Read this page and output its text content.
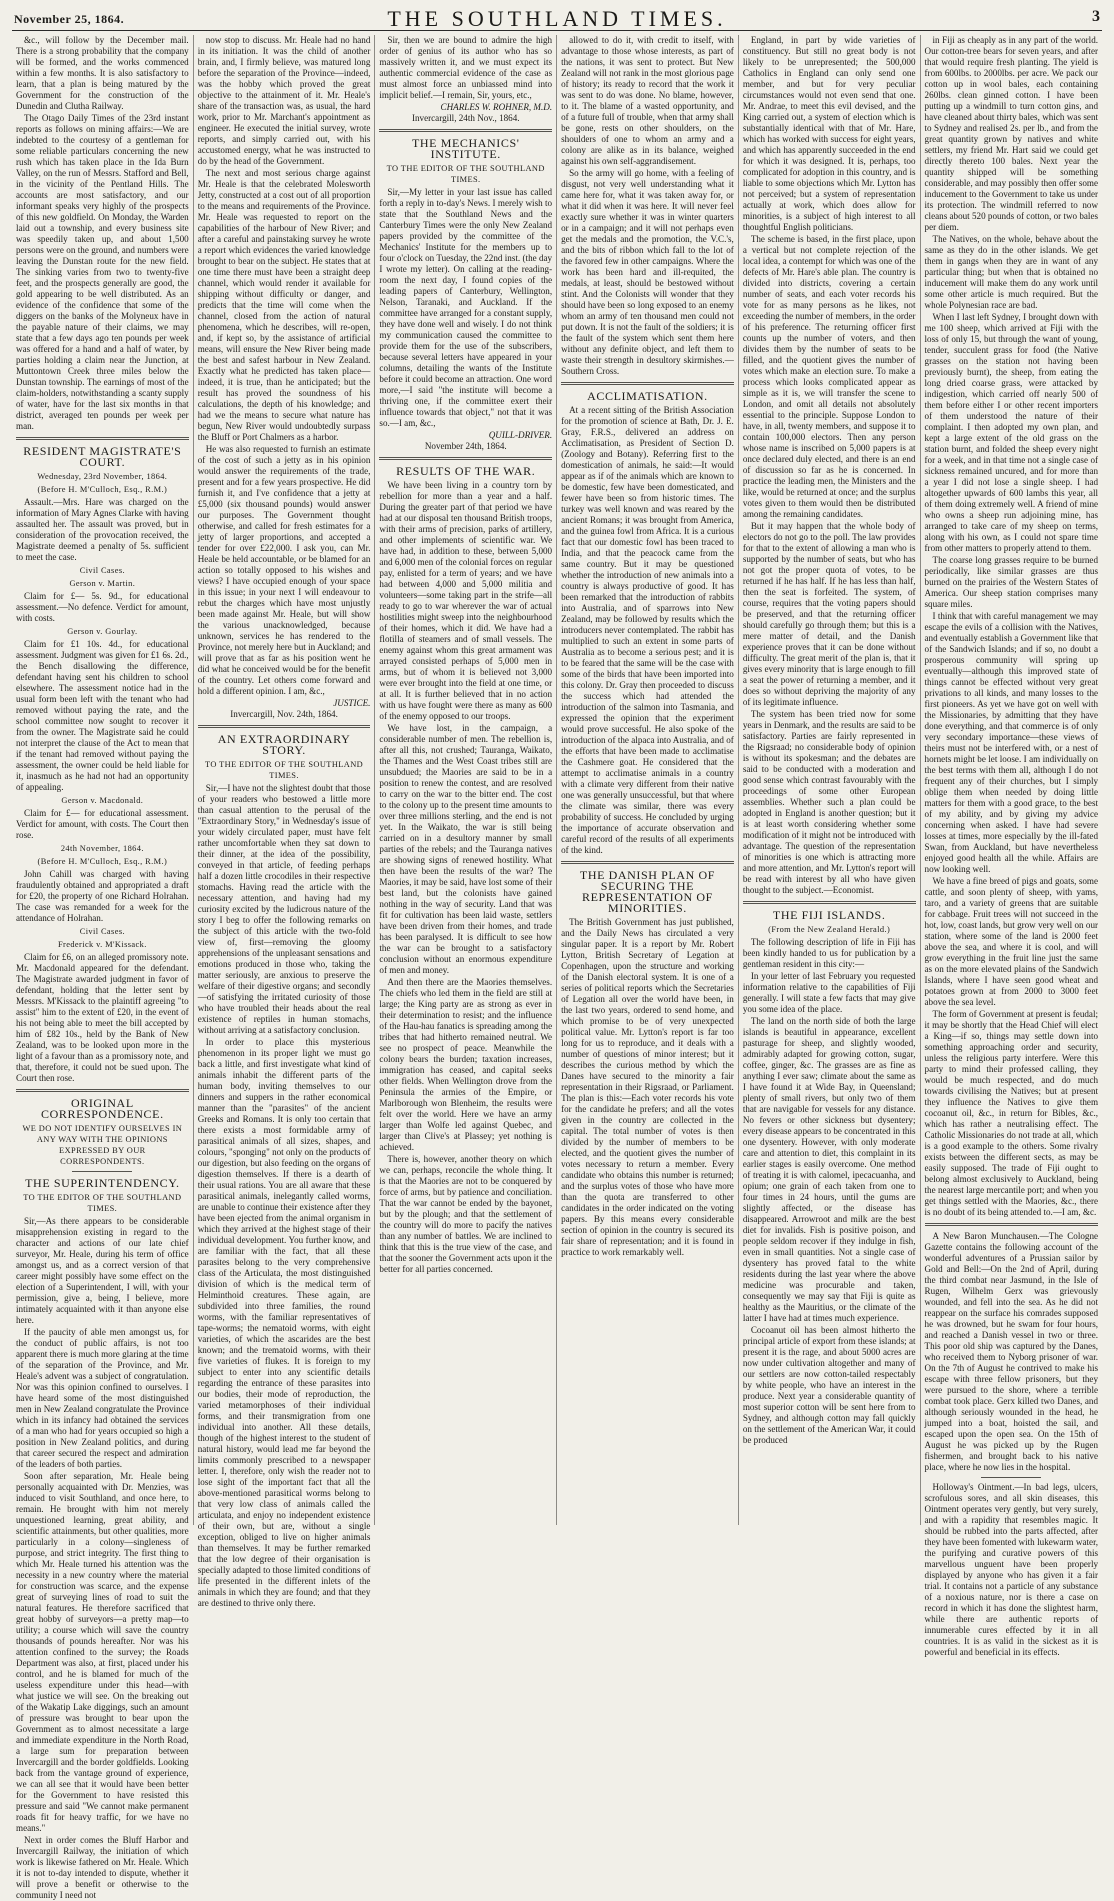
November 25, 1864.	THE SOUTHLAND TIMES.	3

&c., will follow by the December mail. There is a strong probability that the company will be formed, and the works commenced within a few months. It is also satisfactory to learn, that a plan is being matured by the Government for the construction of the Dunedin and Clutha Railway.

The Otago Daily Times of the 23rd instant reports as follows on mining affairs:—We are indebted to the courtesy of a gentleman for some reliable particulars concerning the new rush which has taken place in the Ida Burn Valley, on the run of Messrs. Stafford and Bell, in the vicinity of the Pentland Hills. The accounts are most satisfactory, and our informant speaks very highly of the prospects of this new goldfield. On Monday, the Warden laid out a township, and every business site was speedily taken up, and about 1,500 persons were on the ground, and numbers were leaving the Dunstan route for the new field. The sinking varies from two to twenty-five feet, and the prospects generally are good, the gold appearing to be well distributed. As an evidence of the confidence that some of the diggers on the banks of the Molyneux have in the payable nature of their claims, we may state that a few days ago ten pounds per week was offered for a hand and a half of water, by parties holding a claim near the Junction, at Muttontown Creek three miles below the Dunstan township. The earnings of most of the claim-holders, notwithstanding a scanty supply of water, have for the last six months in that district, averaged ten pounds per week per man.

RESIDENT MAGISTRATE'S COURT.
Wednesday, 23rd November, 1864.
(Before H. M'Culloch, Esq., R.M.)

Assault.—Mrs. Hare was charged on the information of Mary Agnes Clarke with having assaulted her. The assault was proved, but in consideration of the provocation received, the Magistrate deemed a penalty of 5s. sufficient to meet the case.

Civil Cases.
Gerson v. Martin.

Claim for £— 5s. 9d., for educational assessment.—No defence. Verdict for amount, with costs.

Gerson v. Gourlay.

Claim for £1 10s. 4d., for educational assessment. Judgment was given for £1 6s. 2d., the Bench disallowing the difference, defendant having sent his children to school elsewhere. The assessment notice had in the usual form been left with the tenant who had removed without paying the rate, and the school committee now sought to recover it from the owner. The Magistrate said he could not interpret the clause of the Act to mean that if the tenant had removed without paying the assessment, the owner could be held liable for it, inasmuch as he had not had an opportunity of appealing.

Gerson v. Macdonald.

Claim for £— for educational assessment. Verdict for amount, with costs. The Court then rose.

24th November, 1864.
(Before H. M'Culloch, Esq., R.M.)

John Cahill was charged with having fraudulently obtained and appropriated a draft for £20, the property of one Richard Holrahan. The case was remanded for a week for the attendance of Holrahan.

Civil Cases.
Frederick v. M'Kissack.

Claim for £6, on an alleged promissory note. Mr. Macdonald appeared for the defendant. The Magistrate awarded judgment in favor of defendant, holding that the letter sent by Messrs. M'Kissack to the plaintiff agreeing "to assist" him to the extent of £20, in the event of his not being able to meet the bill accepted by him of £82 10s., held by the Bank of New Zealand, was to be looked upon more in the light of a favour than as a promissory note, and that, therefore, it could not be sued upon. The Court then rose.

ORIGINAL CORRESPONDENCE.
WE DO NOT IDENTIFY OURSELVES IN ANY WAY WITH THE OPINIONS EXPRESSED BY OUR CORRESPONDENTS.
THE SUPERINTENDENCY.
TO THE EDITOR OF THE SOUTHLAND TIMES.

Sir,—As there appears to be considerable misapprehension existing in regard to the character and actions of our late chief surveyor, Mr. Heale, during his term of office amongst us, and as a correct version of that career might possibly have some effect on the election of a Superintendent, I will, with your permission, give a, being, I believe, more intimately acquainted with it than anyone else here.

If the paucity of able men amongst us, for the conduct of public affairs, is not too apparent there is much more glaring at the time of the separation of the Province, and Mr. Heale's advent was a subject of congratulation. Nor was this opinion confined to ourselves. I have heard some of the most distinguished men in New Zealand congratulate the Province which in its infancy had obtained the services of a man who had for years occupied so high a position in New Zealand politics, and during that career secured the respect and admiration of the leaders of both parties.

Soon after separation, Mr. Heale being personally acquainted with Dr. Menzies, was induced to visit Southland, and once here, to remain. He brought with him not merely unquestioned learning, great ability, and scientific attainments, but other qualities, more particularly in a colony—singleness of purpose, and strict integrity. The first thing to which Mr. Heale turned his attention was the necessity in a new country where the material for construction was scarce, and the expense great of surveying lines of road to suit the natural features. He therefore sacrificed that great hobby of surveyors—a pretty map—to utility; a course which will save the country thousands of pounds hereafter. Nor was his attention confined to the survey; the Roads Department was also, at first, placed under his control, and he is blamed for much of the useless expenditure under this head—with what justice we will see. On the breaking out of the Wakatip Lake diggings, such an amount of pressure was brought to bear upon the Government as to almost necessitate a large and immediate expenditure in the North Road, a large sum for preparation between Invercargill and the border goldfields. Looking back from the vantage ground of experience, we can all see that it would have been better for the Government to have resisted this pressure and said "We cannot make permanent roads fit for heavy traffic, for we have no means."

Next in order comes the Bluff Harbor and Invercargill Railway, the initiation of which work is likewise fathered on Mr. Heale. Which it is not to-day intended to dispute, whether it will prove a benefit or otherwise to the community I need not

now stop to discuss. Mr. Heale had no hand in its initiation. It was the child of another brain, and, I firmly believe, was matured long before the separation of the Province—indeed, was the hobby which proved the great objective to the attainment of it. Mr. Heale's share of the transaction was, as usual, the hard work, prior to Mr. Marchant's appointment as engineer. He executed the initial survey, wrote reports, and simply carried out, with his accustomed energy, what he was instructed to do by the head of the Government.

The next and most serious charge against Mr. Heale is that the celebrated Molesworth Jetty, constructed at a cost out of all proportion to the means and requirements of the Province. Mr. Heale was requested to report on the capabilities of the harbour of New River; and after a careful and painstaking survey he wrote a report which evidences the varied knowledge brought to bear on the subject. He states that at one time there must have been a straight deep channel, which would render it available for shipping without difficulty or danger, and predicts that the time will come when the channel, closed from the action of natural phenomena, which he describes, will re-open, and, if kept so, by the assistance of artificial means, will ensure the New River being made the best and safest harbour in New Zealand. Exactly what he predicted has taken place—indeed, it is true, than he anticipated; but the result has proved the soundness of his calculations, the depth of his knowledge; and had we the means to secure what nature has begun, New River would undoubtedly surpass the Bluff or Port Chalmers as a harbor.

He was also requested to furnish an estimate of the cost of such a jetty as in his opinion would answer the requirements of the trade, present and for a few years prospective. He did furnish it, and I've confidence that a jetty at £5,000 (six thousand pounds) would answer our purposes. The Government thought otherwise, and called for fresh estimates for a jetty of larger proportions, and accepted a tender for over £22,000. I ask you, can Mr. Heale be held accountable, or be blamed for an action so totally opposed to his wishes and views? I have occupied enough of your space in this issue; in your next I will endeavour to rebut the charges which have most unjustly been made against Mr. Heale, but will show the various unacknowledged, because unknown, services he has rendered to the Province, not merely here but in Auckland; and will prove that as far as his position went he did what he conceived would be for the benefit of the country. Let others come forward and hold a different opinion. I am, &c.,

JUSTICE.
Invercargill, Nov. 24th, 1864.
AN EXTRAORDINARY STORY.
TO THE EDITOR OF THE SOUTHLAND TIMES.

Sir,—I have not the slightest doubt that those of your readers who bestowed a little more than casual attention to the perusal of the "Extraordinary Story," in Wednesday's issue of your widely circulated paper, must have felt rather uncomfortable when they sat down to their dinner, at the idea of the possibility, conveyed in that article, of feeding perhaps half a dozen little crocodiles in their respective stomachs. Having read the article with the necessary attention, and having had my curiosity excited by the ludicrous nature of the story I beg to offer the following remarks on the subject of this article with the two-fold view of, first—removing the gloomy apprehensions of the unpleasant sensations and emotions produced in those who, taking the matter seriously, are anxious to preserve the welfare of their digestive organs; and secondly—of satisfying the irritated curiosity of those who have troubled their heads about the real existence of reptiles in human stomachs, without arriving at a satisfactory conclusion.

In order to place this mysterious phenomenon in its proper light we must go back a little, and first investigate what kind of animals inhabit the different parts of the human body, inviting themselves to our dinners and suppers in the rather economical manner than the "parasites" of the ancient Greeks and Romans. It is only too certain that there exists a most formidable army of parasitical animals of all sizes, shapes, and colours, "sponging" not only on the products of our digestion, but also feeding on the organs of digestion themselves. If there is a dearth of their usual rations. You are all aware that these parasitical animals, inelegantly called worms, are unable to continue their existence after they have been ejected from the animal organism in which they arrived at the highest stage of their individual development. You further know, and are familiar with the fact, that all these parasites belong to the very comprehensive class of the Articulata, the most distinguished division of which is the medical term of Helminthoid creatures. These again, are subdivided into three families, the round worms, with the familiar representatives of tape-worms; the nematoid worms, with eight varieties, of which the ascarides are the best known; and the trematoid worms, with their five varieties of flukes. It is foreign to my subject to enter into any scientific details regarding the entrance of these parasites into our bodies, their mode of reproduction, the varied metamorphoses of their individual forms, and their transmigration from one individual into another. All these details, though of the highest interest to the student of natural history, would lead me far beyond the limits commonly prescribed to a newspaper letter. I, therefore, only wish the reader not to lose sight of the important fact that all the above-mentioned parasitical worms belong to that very low class of animals called the articulata, and enjoy no independent existence of their own, but are, without a single exception, obliged to live on higher animals than themselves. It may be further remarked that the low degree of their organisation is specially adapted to those limited conditions of life presented in the different inlets of the animals in which they are found; and that they are destined to thrive only there.

Sir, then we are bound to admire the high order of genius of its author who has so massively written it, and we must expect its authentic commercial evidence of the case as must almost force an unbiassed mind into implicit belief.—I remain, Sir, yours, etc.,

CHARLES W. ROHNER, M.D.
Invercargill, 24th Nov., 1864.
THE MECHANICS' INSTITUTE.
TO THE EDITOR OF THE SOUTHLAND TIMES.

Sir,—My letter in your last issue has called forth a reply in to-day's News. I merely wish to state that the Southland News and the Canterbury Times were the only New Zealand papers provided by the committee of the Mechanics' Institute for the members up to four o'clock on Tuesday, the 22nd inst. (the day I wrote my letter). On calling at the reading-room the next day, I found copies of the leading papers of Canterbury, Wellington, Nelson, Taranaki, and Auckland. If the committee have arranged for a constant supply, they have done well and wisely. I do not think my communication caused the committee to provide them for the use of the subscribers, because several letters have appeared in your columns, detailing the wants of the Institute before it could become an attraction. One word more,—I said "the institute will become a thriving one, if the committee exert their influence towards that object," not that it was so.—I am, &c.,

QUILL-DRIVER.
November 24th, 1864.
RESULTS OF THE WAR.

We have been living in a country torn by rebellion for more than a year and a half. During the greater part of that period we have had at our disposal ten thousand British troops, with their arms of precision, parks of artillery, and other implements of scientific war. We have had, in addition to these, between 5,000 and 6,000 men of the colonial forces on regular pay, enlisted for a term of years; and we have had between 4,000 and 5,000 militia and volunteers—some taking part in the strife—all ready to go to war wherever the war of actual hostilities might sweep into the neighbourhood of their homes, which it did. We have had a flotilla of steamers and of small vessels. The enemy against whom this great armament was arrayed consisted perhaps of 5,000 men in arms, but of whom it is believed not 3,000 were ever brought into the field at one time, or at all. It is further believed that in no action with us have fought were there as many as 600 of the enemy opposed to our troops.

We have lost, in the campaign, a considerable number of men. The rebellion is, after all this, not crushed; Tauranga, Waikato, the Thames and the West Coast tribes still are unsubdued; the Maories are said to be in a position to renew the contest, and are resolved to carry on the war to the bitter end. The cost to the colony up to the present time amounts to over three millions sterling, and the end is not yet. In the Waikato, the war is still being carried on in a desultory manner by small parties of the rebels; and the Tauranga natives are showing signs of renewed hostility. What then have been the results of the war? The Maories, it may be said, have lost some of their best land, but the colonists have gained nothing in the way of security. Land that was fit for cultivation has been laid waste, settlers have been driven from their homes, and trade has been paralysed. It is difficult to see how the war can be brought to a satisfactory conclusion without an enormous expenditure of men and money.

And then there are the Maories themselves. The chiefs who led them in the field are still at large; the King party are as strong as ever in their determination to resist; and the influence of the Hau-hau fanatics is spreading among the tribes that had hitherto remained neutral. We see no prospect of peace. Meanwhile the colony bears the burden; taxation increases, immigration has ceased, and capital seeks other fields. When Wellington drove from the Peninsula the armies of the Empire, or Marlborough won Blenheim, the results were felt over the world. Here we have an army larger than Wolfe led against Quebec, and larger than Clive's at Plassey; yet nothing is achieved.

There is, however, another theory on which we can, perhaps, reconcile the whole thing. It is that the Maories are not to be conquered by force of arms, but by patience and conciliation. That the war cannot be ended by the bayonet, but by the plough; and that the settlement of the country will do more to pacify the natives than any number of battles. We are inclined to think that this is the true view of the case, and that the sooner the Government acts upon it the better for all parties concerned.

allowed to do it, with credit to itself, with advantage to those whose interests, as part of the nations, it was sent to protect. But New Zealand will not rank in the most glorious page of history; its ready to record that the work it was sent to do was done. No blame, however, to it. The blame of a wasted opportunity, and of a future full of trouble, when that army shall be gone, rests on other shoulders, on the shoulders of one to whom an army and a colony are alike as in its balance, weighed against his own self-aggrandisement.

So the army will go home, with a feeling of disgust, not very well understanding what it came here for, what it was taken away for, or what it did when it was here. It will never feel exactly sure whether it was in winter quarters or in a campaign; and it will not perhaps even get the medals and the promotion, the V.C.'s, and the bits of ribbon which fall to the lot of the favored few in other campaigns. Where the work has been hard and ill-requited, the medals, at least, should be bestowed without stint. And the Colonists will wonder that they should have been so long exposed to an enemy whom an army of ten thousand men could not put down. It is not the fault of the soldiers; it is the fault of the system which sent them here without any definite object, and left them to waste their strength in desultory skirmishes.—Southern Cross.

ACCLIMATISATION.

At a recent sitting of the British Association for the promotion of science at Bath, Dr. J. E. Gray, F.R.S., delivered an address on Acclimatisation, as President of Section D. (Zoology and Botany). Referring first to the domestication of animals, he said:—It would appear as if of the animals which are known to be domestic, few have been domesticated, and fewer have been so from historic times. The turkey was well known and was reared by the ancient Romans; it was brought from America, and the guinea fowl from Africa. It is a curious fact that our domestic fowl has been traced to India, and that the peacock came from the same country. But it may be questioned whether the introduction of new animals into a country is always productive of good. It has been remarked that the introduction of rabbits into Australia, and of sparrows into New Zealand, may be followed by results which the introducers never contemplated. The rabbit has multiplied to such an extent in some parts of Australia as to become a serious pest; and it is to be feared that the same will be the case with some of the birds that have been imported into this colony. Dr. Gray then proceeded to discuss the success which had attended the introduction of the salmon into Tasmania, and expressed the opinion that the experiment would prove successful. He also spoke of the introduction of the alpaca into Australia, and of the efforts that have been made to acclimatise the Cashmere goat. He considered that the attempt to acclimatise animals in a country with a climate very different from their native one was generally unsuccessful, but that where the climate was similar, there was every probability of success. He concluded by urging the importance of accurate observation and careful record of the results of all experiments of the kind.

THE DANISH PLAN OF SECURING THE REPRESENTATION OF MINORITIES.

The British Government has just published, and the Daily News has circulated a very singular paper. It is a report by Mr. Robert Lytton, British Secretary of Legation at Copenhagen, upon the structure and working of the Danish electoral system. It is one of a series of political reports which the Secretaries of Legation all over the world have been, in the last two years, ordered to send home, and which promise to be of very unexpected political value. Mr. Lytton's report is far too long for us to reproduce, and it deals with a number of questions of minor interest; but it describes the curious method by which the Danes have secured to the minority a fair representation in their Rigsraad, or Parliament. The plan is this:—Each voter records his vote for the candidate he prefers; and all the votes given in the country are collected in the capital. The total number of votes is then divided by the number of members to be elected, and the quotient gives the number of votes necessary to return a member. Every candidate who obtains this number is returned; and the surplus votes of those who have more than the quota are transferred to other candidates in the order indicated on the voting papers. By this means every considerable section of opinion in the country is secured its fair share of representation; and it is found in practice to work remarkably well.

England, in part by wide varieties of constituency. But still no great body is not likely to be unrepresented; the 500,000 Catholics in England can only send one member, and but for very peculiar circumstances would not even send that one. Mr. Andrae, to meet this evil devised, and the King carried out, a system of election which is substantially identical with that of Mr. Hare, which has worked with success for eight years, and which has apparently succeeded in the end for which it was designed. It is, perhaps, too complicated for adoption in this country, and is liable to some objections which Mr. Lytton has not perceived; but a system of representation actually at work, which does allow for minorities, is a subject of high interest to all thoughtful English politicians.

The scheme is based, in the first place, upon a vertical but not complete rejection of the local idea, a contempt for which was one of the defects of Mr. Hare's able plan. The country is divided into districts, covering a certain number of seats, and each voter records his vote for as many persons as he likes, not exceeding the number of members, in the order of his preference. The returning officer first counts up the number of voters, and then divides them by the number of seats to be filled, and the quotient gives the number of votes which make an election sure. To make a process which looks complicated appear as simple as it is, we will transfer the scene to London, and omit all details not absolutely essential to the principle. Suppose London to have, in all, twenty members, and suppose it to contain 100,000 electors. Then any person whose name is inscribed on 5,000 papers is at once declared duly elected, and there is an end of discussion so far as he is concerned. In practice the leading men, the Ministers and the like, would be returned at once; and the surplus votes given to them would then be distributed among the remaining candidates.

But it may happen that the whole body of electors do not go to the poll. The law provides for that to the extent of allowing a man who is supported by the number of seats, but who has not got the proper quota of votes, to be returned if he has half. If he has less than half, then the seat is forfeited. The system, of course, requires that the voting papers should be preserved, and that the returning officer should carefully go through them; but this is a mere matter of detail, and the Danish experience proves that it can be done without difficulty. The great merit of the plan is, that it gives every minority that is large enough to fill a seat the power of returning a member, and it does so without depriving the majority of any of its legitimate influence.

The system has been tried now for some years in Denmark, and the results are said to be satisfactory. Parties are fairly represented in the Rigsraad; no considerable body of opinion is without its spokesman; and the debates are said to be conducted with a moderation and good sense which contrast favourably with the proceedings of some other European assemblies. Whether such a plan could be adopted in England is another question; but it is at least worth considering whether some modification of it might not be introduced with advantage. The question of the representation of minorities is one which is attracting more and more attention, and Mr. Lytton's report will be read with interest by all who have given thought to the subject.—Economist.

THE FIJI ISLANDS.
(From the New Zealand Herald.)

The following description of life in Fiji has been kindly handed to us for publication by a gentleman resident in this city:—

In your letter of last February you requested information relative to the capabilities of Fiji generally. I will state a few facts that may give you some idea of the place.

The land on the north side of both the large islands is beautiful in appearance, excellent pasturage for sheep, and slightly wooded, admirably adapted for growing cotton, sugar, coffee, ginger, &c. The grasses are as fine as anything I ever saw; climate about the same as I have found it at Wide Bay, in Queensland; plenty of small rivers, but only two of them that are navigable for vessels for any distance. No fevers or other sickness but dysentery; every disease appears to be concentrated in this one dysentery. However, with only moderate care and attention to diet, this complaint in its earlier stages is easily overcome. One method of treating it is with calomel, ipecacuanha, and opium; one grain of each taken from one to four times in 24 hours, until the gums are slightly affected, or the disease has disappeared. Arrowroot and milk are the best diet for invalids. Fish is positive poison, and people seldom recover if they indulge in fish, even in small quantities. Not a single case of dysentery has proved fatal to the white residents during the last year where the above medicine was procurable and taken, consequently we may say that Fiji is quite as healthy as the Mauritius, or the climate of the latter I have had at times much experience.

Cocoanut oil has been almost hitherto the principal article of export from these islands; at present it is the rage, and about 5000 acres are now under cultivation altogether and many of our settlers are now cotton-tailed respectably by white people, who have an interest in the produce. Next year a considerable quantity of most superior cotton will be sent here from to Sydney, and although cotton may fall quickly on the settlement of the American War, it could be produced

in Fiji as cheaply as in any part of the world. Our cotton-tree bears for seven years, and after that would require fresh planting. The yield is from 600lbs. to 2000lbs. per acre. We pack our cotton up in wool bales, each containing 260lbs. clean ginned cotton. I have been putting up a windmill to turn cotton gins, and have cleaned about thirty bales, which was sent to Sydney and realised 2s. per lb., and from the great quantity grown by natives and white settlers, my friend Mr. Hart said we could get directly thereto 100 bales. Next year the quantity shipped will be something considerable, and may possibly then offer some inducement to the Government to take us under its protection. The windmill referred to now cleans about 520 pounds of cotton, or two bales per diem.

The Natives, on the whole, behave about the same as they do in the other islands. We get them in gangs when they are in want of any particular thing; but when that is obtained no inducement will make them do any work until some other article is much required. But the whole Polynesian race are bad.

When I last left Sydney, I brought down with me 100 sheep, which arrived at Fiji with the loss of only 15, but through the want of young, tender, succulent grass for food (the Native grasses on the station not having been previously burnt), the sheep, from eating the long dried coarse grass, were attacked by indigestion, which carried off nearly 500 of them before either I or other recent importers of them understood the nature of their complaint. I then adopted my own plan, and kept a large extent of the old grass on the station burnt, and folded the sheep every night for a week, and in that time not a single case of sickness remained uncured, and for more than a year I did not lose a single sheep. I had altogether upwards of 600 lambs this year, all of them doing extremely well. A friend of mine who owns a sheep run adjoining mine, has arranged to take care of my sheep on terms, along with his own, as I could not spare time from other matters to properly attend to them.

The coarse long grasses require to be burned periodically, like similar grasses are thus burned on the prairies of the Western States of America. Our sheep station comprises many square miles.

I think that with careful management we may escape the evils of a collision with the Natives, and eventually establish a Government like that of the Sandwich Islands; and if so, no doubt a prosperous community will spring up eventually—although this improved state of things cannot be effected without very great privations to all kinds, and many losses to the first pioneers. As yet we have got on well with the Missionaries, by admitting that they have done everything, and that commerce is of only very secondary importance—these views of theirs must not be interfered with, or a nest of hornets might be let loose. I am individually on the best terms with them all, although I do not frequent any of their churches, but I simply oblige them when needed by doing little matters for them with a good grace, to the best of my ability, and by giving my advice concerning when asked. I have had severe losses at times, more especially by the ill-fated Swan, from Auckland, but have nevertheless enjoyed good health all the while. Affairs are now looking well.

We have a fine breed of pigs and goats, some cattle, and soon plenty of sheep, with yams, taro, and a variety of greens that are suitable for cabbage. Fruit trees will not succeed in the hot, low, coast lands, but grow very well on our station, where some of the land is 2000 feet above the sea, and where it is cool, and will grow everything in the fruit line just the same as on the more elevated plains of the Sandwich Islands, where I have seen good wheat and potatoes grown at from 2000 to 3000 feet above the sea level.

The form of Government at present is feudal; it may be shortly that the Head Chief will elect a King—if so, things may settle down into something approaching order and security, unless the religious party interfere. Were this party to mind their professed calling, they would be much respected, and do much towards civilising the Natives; but at present they influence the Natives to give them cocoanut oil, &c., in return for Bibles, &c., which has rather a neutralising effect. The Catholic Missionaries do not trade at all, which is a good example to the others. Some rivalry exists between the different sects, as may be easily supposed. The trade of Fiji ought to belong almost exclusively to Auckland, being the nearest large mercantile port; and when you get things settled with the Maories, &c., there is no doubt of its being attended to.—I am, &c.

A New Baron Munchausen.—The Cologne Gazette contains the following account of the wonderful adventures of a Prussian sailor by Gold and Bell:—On the 2nd of April, during the third combat near Jasmund, in the Isle of Rugen, Wilhelm Gerx was grievously wounded, and fell into the sea. As he did not reappear on the surface his comrades supposed he was drowned, but he swam for four hours, and reached a Danish vessel in two or three. This poor old ship was captured by the Danes, who received them to Nyborg prisoner of war. On the 7th of August he contrived to make his escape with three fellow prisoners, but they were pursued to the shore, where a terrible combat took place. Gerx killed two Danes, and although seriously wounded in the head, he jumped into a boat, hoisted the sail, and escaped upon the open sea. On the 15th of August he was picked up by the Rugen fishermen, and brought back to his native place, where he now lies in the hospital.

Holloway's Ointment.—In bad legs, ulcers, scrofulous sores, and all skin diseases, this Ointment operates very gently, but very surely, and with a rapidity that resembles magic. It should be rubbed into the parts affected, after they have been fomented with lukewarm water, the purifying and curative powers of this marvellous unguent have been properly displayed by anyone who has given it a fair trial. It contains not a particle of any substance of a noxious nature, nor is there a case on record in which it has done the slightest harm, while there are authentic reports of innumerable cures effected by it in all countries. It is as valid in the sickest as it is powerful and beneficial in its effects.
